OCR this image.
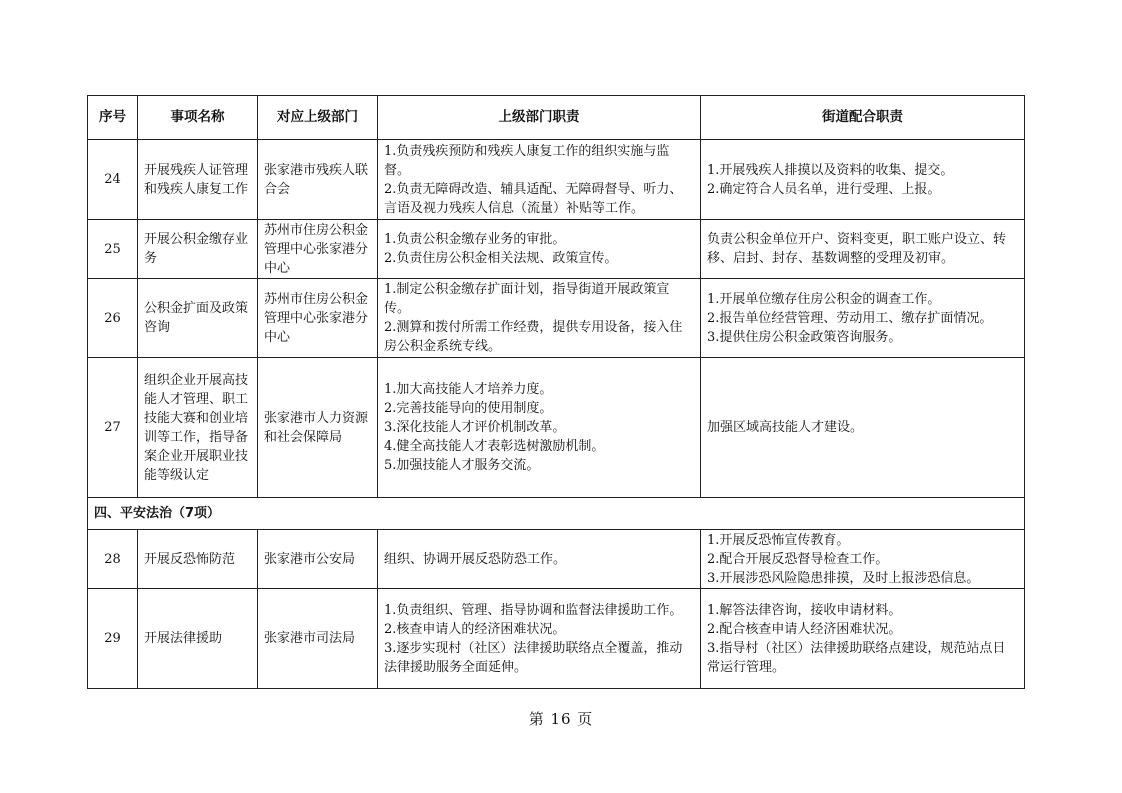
序号	事项名称	对应上级部门	上级部门职责	街道配合职责
24	开展残疾人证管理和残疾人康复工作	张家港市残疾人联合会	1.负责残疾预防和残疾人康复工作的组织实施与监督。
2.负责无障碍改造、辅具适配、无障碍督导、听力、言语及视力残疾人信息（流量）补贴等工作。	1.开展残疾人排摸以及资料的收集、提交。
2.确定符合人员名单，进行受理、上报。

25	开展公积金缴存业务	苏州市住房公积金管理中心张家港分中心	1.负责公积金缴存业务的审批。
2.负责住房公积金相关法规、政策宣传。	负责公积金单位开户、资料变更，职工账户设立、转移、启封、封存、基数调整的受理及初审。

26	公积金扩面及政策咨询	苏州市住房公积金管理中心张家港分中心	1.制定公积金缴存扩面计划，指导街道开展政策宣传。
2.测算和拨付所需工作经费，提供专用设备，接入住房公积金系统专线。	1.开展单位缴存住房公积金的调查工作。
2.报告单位经营管理、劳动用工、缴存扩面情况。
3.提供住房公积金政策咨询服务。

27	组织企业开展高技能人才管理、职工技能大赛和创业培训等工作，指导备案企业开展职业技能等级认定	张家港市人力资源和社会保障局	1.加大高技能人才培养力度。
2.完善技能导向的使用制度。
3.深化技能人才评价机制改革。
4.健全高技能人才表彰选树激励机制。
5.加强技能人才服务交流。	加强区域高技能人才建设。

四、平安法治（7项）				
28	开展反恐怖防范	张家港市公安局	组织、协调开展反恐防恐工作。	1.开展反恐怖宣传教育。
2.配合开展反恐督导检查工作。
3.开展涉恐风险隐患排摸，及时上报涉恐信息。

29	开展法律援助	张家港市司法局	1.负责组织、管理、指导协调和监督法律援助工作。
2.核查申请人的经济困难状况。
3.逐步实现村（社区）法律援助联络点全覆盖，推动法律援助服务全面延伸。	1.解答法律咨询，接收申请材料。
2.配合核查申请人经济困难状况。
3.指导村（社区）法律援助联络点建设，规范站点日常运行管理。
第 16 页
